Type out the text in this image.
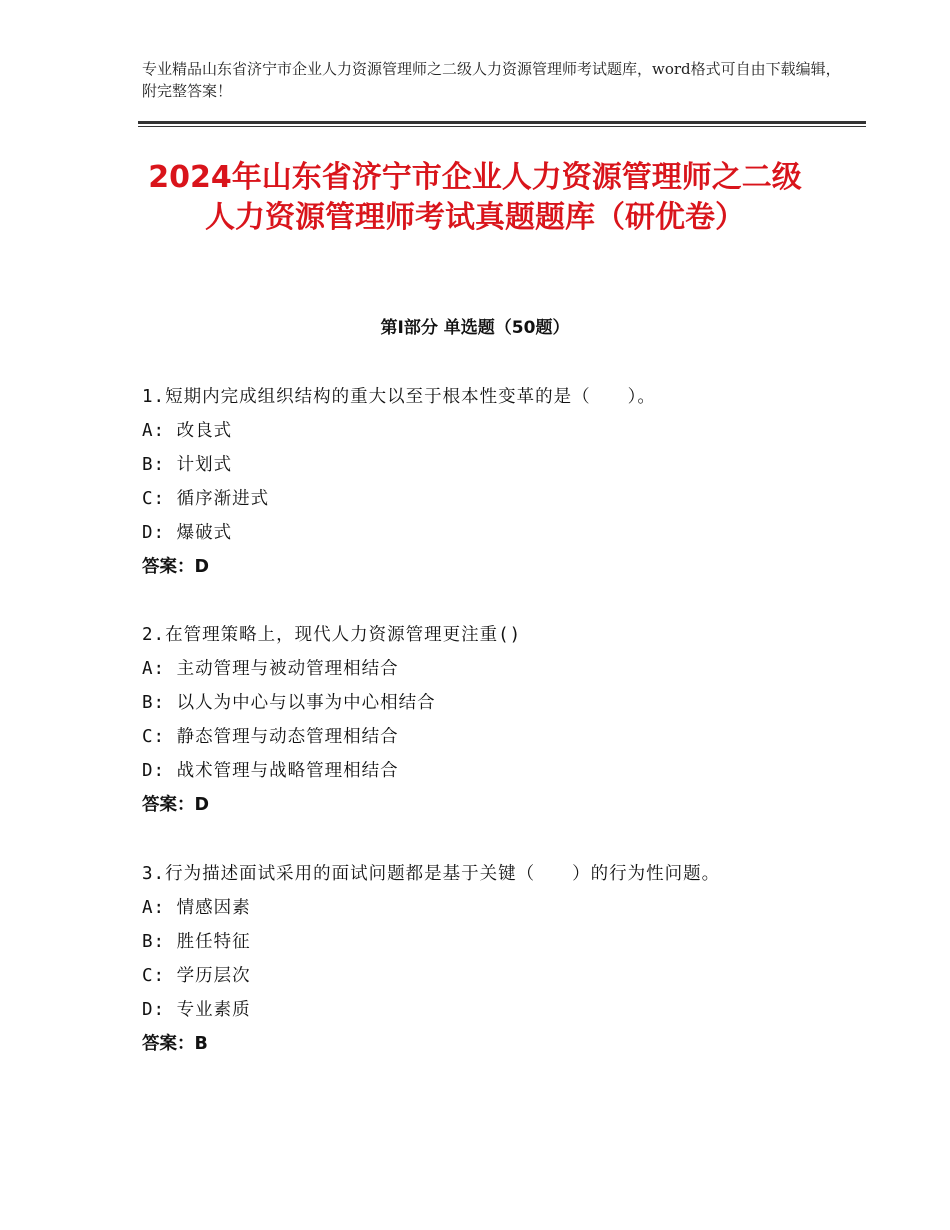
专业精品山东省济宁市企业人力资源管理师之二级人力资源管理师考试题库，word格式可自由下载编辑，附完整答案！
2024年山东省济宁市企业人力资源管理师之二级人力资源管理师考试真题题库（研优卷）
第Ⅰ部分 单选题（50题）
1.短期内完成组织结构的重大以至于根本性变革的是（　　）。
A: 改良式
B: 计划式
C: 循序渐进式
D: 爆破式
答案：D
2.在管理策略上，现代人力资源管理更注重()
A: 主动管理与被动管理相结合
B: 以人为中心与以事为中心相结合
C: 静态管理与动态管理相结合
D: 战术管理与战略管理相结合
答案：D
3.行为描述面试采用的面试问题都是基于关键（　　）的行为性问题。
A: 情感因素
B: 胜任特征
C: 学历层次
D: 专业素质
答案：B
